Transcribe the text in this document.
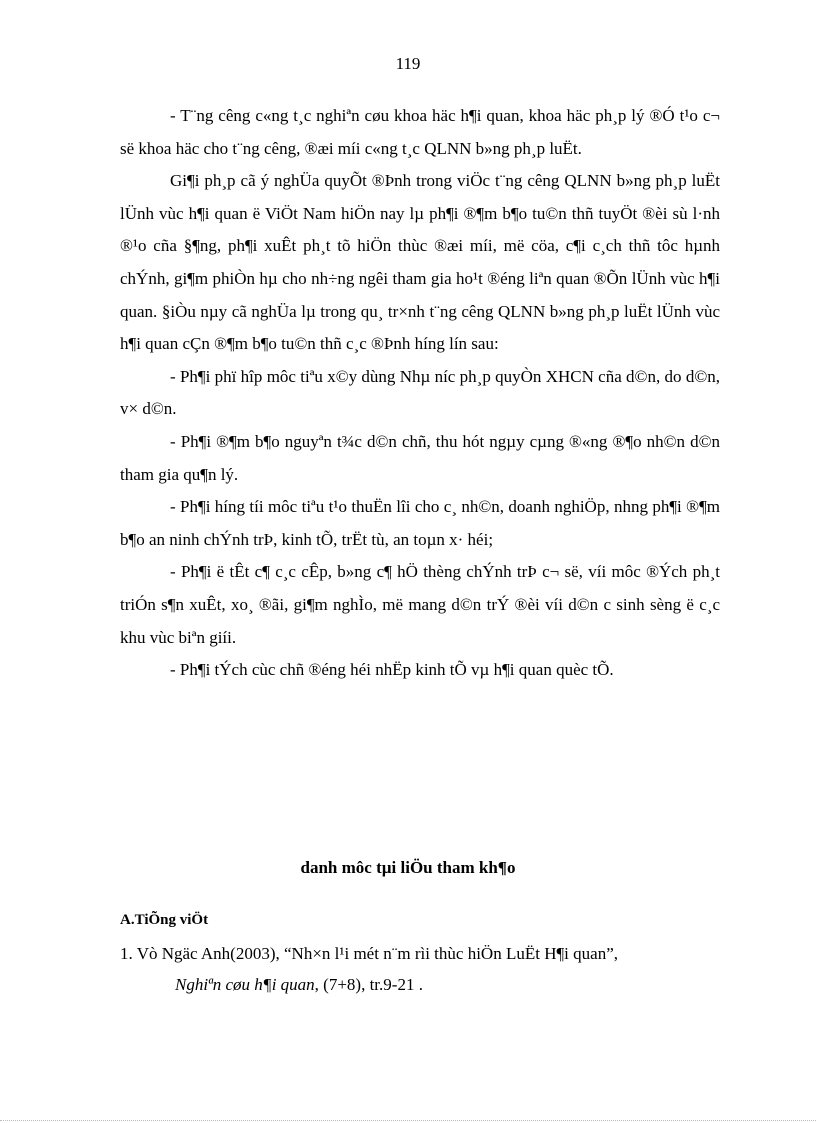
119

- T¨ng cêng c«ng t¸c nghiªn cøu khoa häc h¶i quan, khoa häc ph¸p lý ®Ó t¹o c¬ së khoa häc cho t¨ng cêng, ®æi míi c«ng t¸c QLNN b»ng ph¸p luËt.

Gi¶i ph¸p cã ý nghÜa quyÕt ®Þnh trong viÖc t¨ng cêng QLNN b»ng ph¸p luËt lÜnh vùc h¶i quan ë ViÖt Nam hiÖn nay lµ ph¶i ®¶m b¶o tu©n thñ tuyÖt ®èi sù l·nh ®¹o cña §¶ng, ph¶i xuÊt ph¸t tõ hiÖn thùc ®æi míi, më cöa, c¶i c¸ch thñ tôc hµnh chÝnh, gi¶m phiÒn hµ cho nh÷ng ngêi tham gia ho¹t ®éng liªn quan ®Õn lÜnh vùc h¶i quan. §iÒu nµy cã nghÜa lµ trong qu¸ tr×nh t¨ng cêng QLNN b»ng ph¸p luËt lÜnh vùc h¶i quan cÇn ®¶m b¶o tu©n thñ c¸c ®Þnh híng lín sau:

- Ph¶i phï hîp môc tiªu x©y dùng Nhµ níc ph¸p quyÒn XHCN cña d©n, do d©n, v× d©n.

- Ph¶i ®¶m b¶o nguyªn t¾c d©n chñ, thu hót ngµy cµng ®«ng ®¶o nh©n d©n tham gia qu¶n lý.

- Ph¶i híng tíi môc tiªu t¹o thuËn lîi cho c¸ nh©n, doanh nghiÖp, nhng ph¶i ®¶m b¶o an ninh chÝnh trÞ, kinh tÕ, trËt tù, an toµn x· héi;

- Ph¶i ë tÊt c¶ c¸c cÊp, b»ng c¶ hÖ thèng chÝnh trÞ c¬ së, víi môc ®Ých ph¸t triÓn s¶n xuÊt, xo¸ ®ãi, gi¶m nghÌo, më mang d©n trÝ ®èi víi d©n c sinh sèng ë c¸c khu vùc biªn giíi.

- Ph¶i tÝch cùc chñ ®éng héi nhËp kinh tÕ vµ h¶i quan quèc tÕ.

danh môc tµi liÖu tham kh¶o
A.TiÕng viÖt
1. Vò Ngäc Anh(2003), “Nh×n l¹i mét n¨m rìi thùc hiÖn LuËt H¶i quan”,
Nghiªn cøu h¶i quan, (7+8), tr.9-21 .
